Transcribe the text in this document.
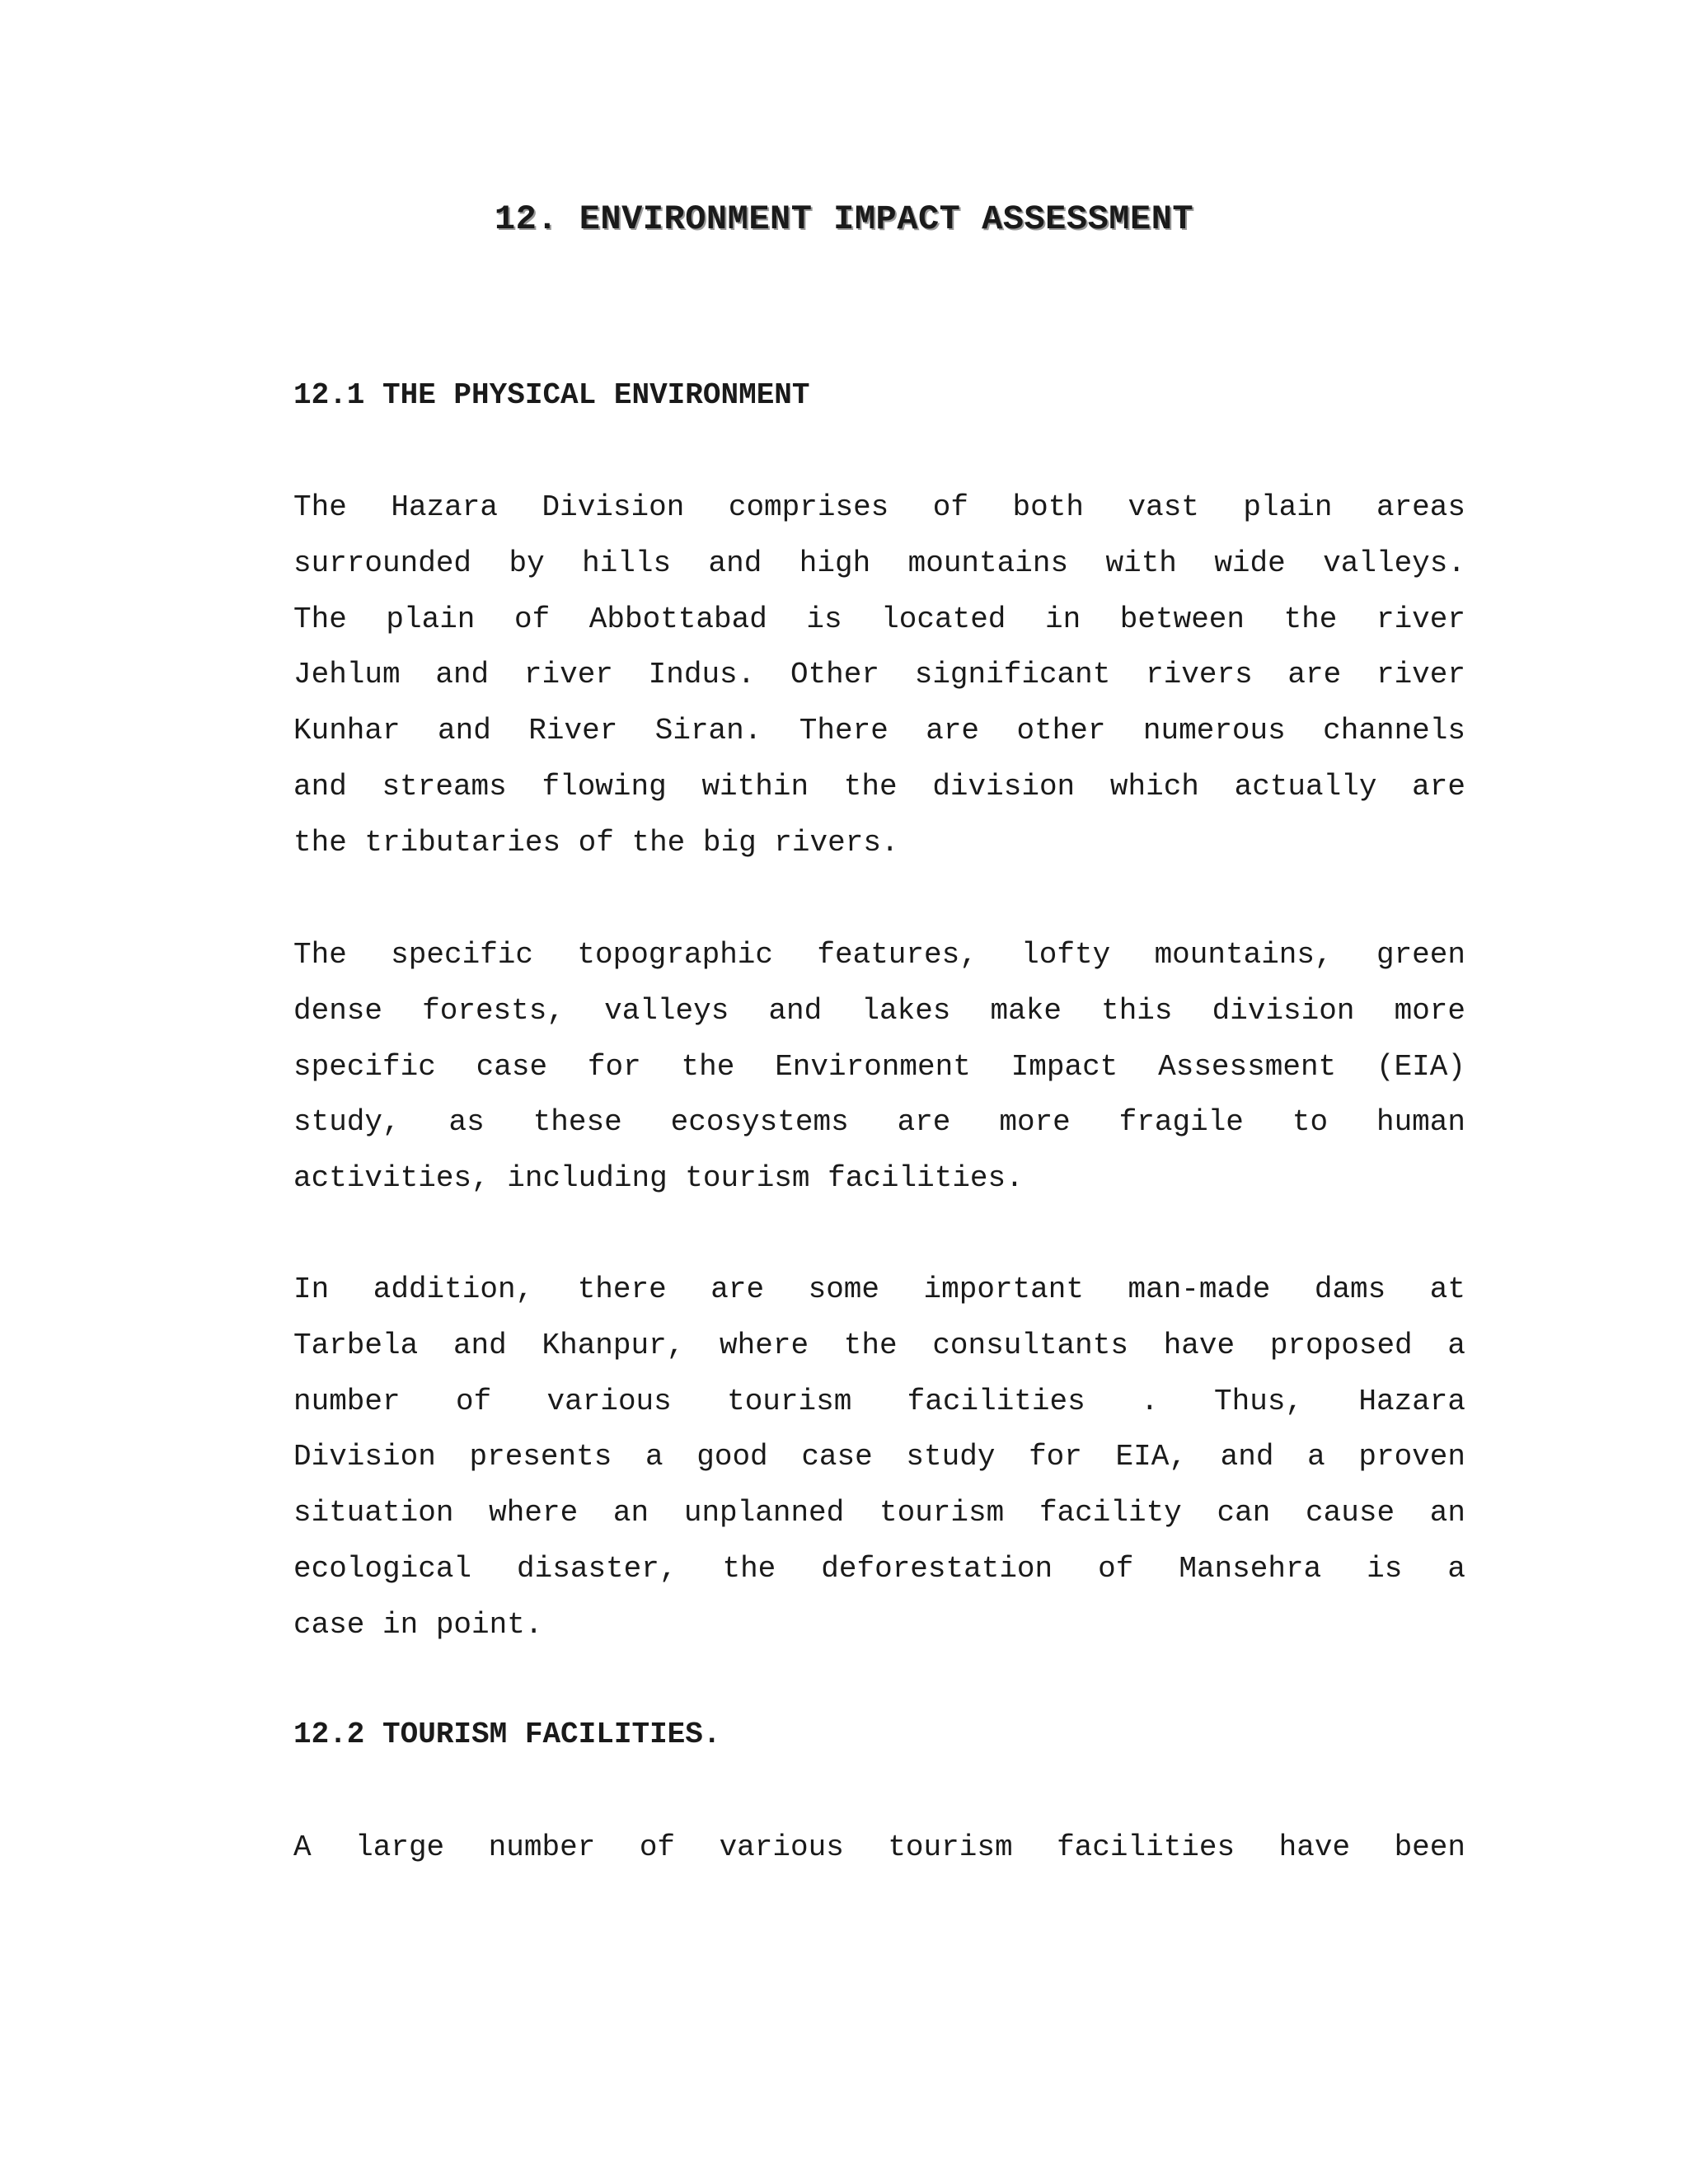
12. ENVIRONMENT IMPACT ASSESSMENT
12.1 THE PHYSICAL ENVIRONMENT
The Hazara Division comprises of both vast plain areas
surrounded by hills and high mountains with wide valleys.
The plain of Abbottabad is located in between the river
Jehlum and river Indus. Other significant rivers are river
Kunhar and River Siran. There are other numerous channels
and streams flowing within the division which actually are
the tributaries of the big rivers.
The specific topographic features, lofty mountains, green
dense forests, valleys and lakes make this division more
specific case for the Environment Impact Assessment (EIA)
study, as these ecosystems are more fragile to human
activities, including tourism facilities.
In addition, there are some important man-made dams at
Tarbela and Khanpur, where the consultants have proposed a
number of various tourism facilities . Thus, Hazara
Division presents a good case study for EIA, and a proven
situation where an unplanned tourism facility can cause an
ecological disaster, the deforestation of Mansehra is a
case in point.
12.2 TOURISM FACILITIES.
A large number of various tourism facilities have been
